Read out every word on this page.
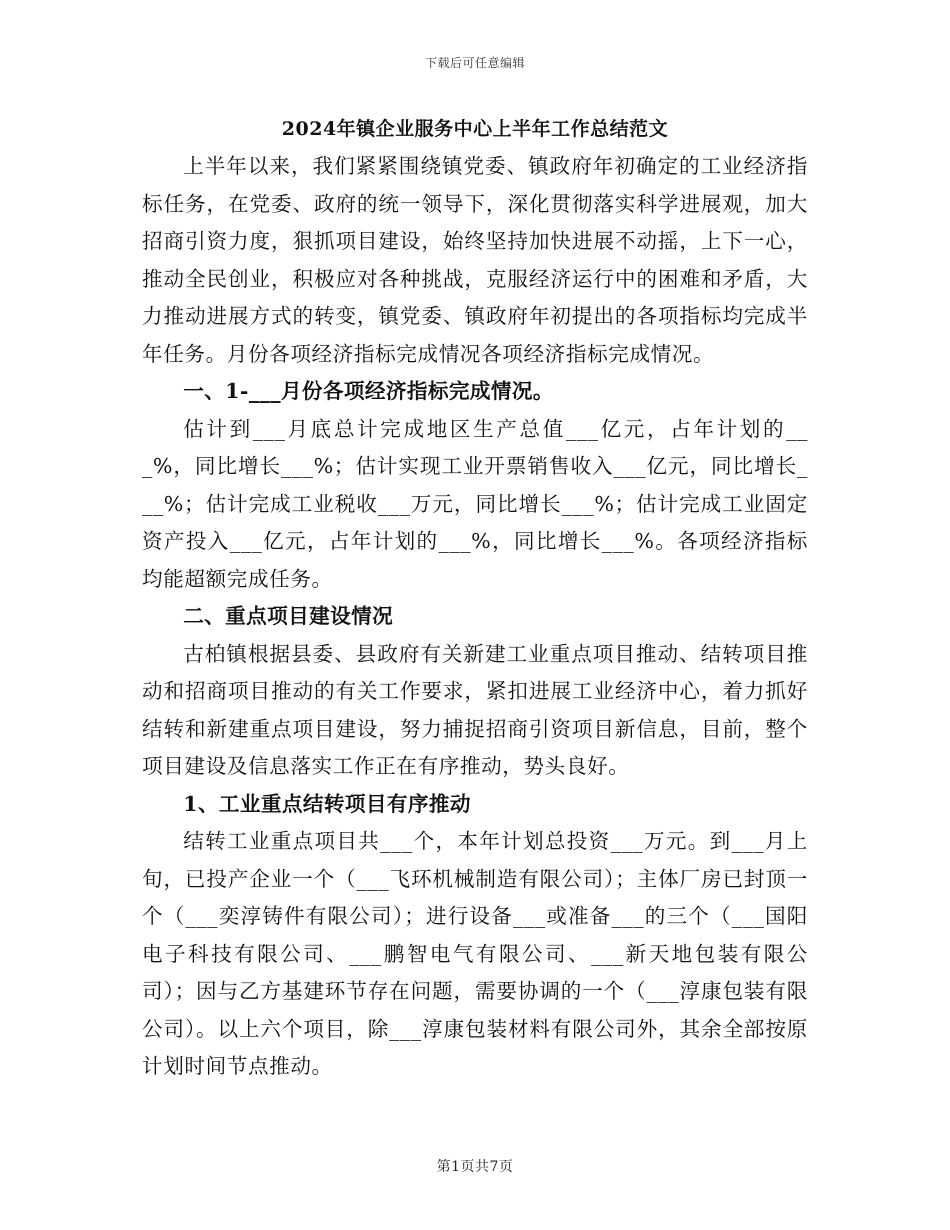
下载后可任意编辑
2024年镇企业服务中心上半年工作总结范文

上半年以来，我们紧紧围绕镇党委、镇政府年初确定的工业经济指标任务，在党委、政府的统一领导下，深化贯彻落实科学进展观，加大招商引资力度，狠抓项目建设，始终坚持加快进展不动摇，上下一心，推动全民创业，积极应对各种挑战，克服经济运行中的困难和矛盾，大力推动进展方式的转变，镇党委、镇政府年初提出的各项指标均完成半年任务。月份各项经济指标完成情况各项经济指标完成情况。

一、1-___月份各项经济指标完成情况。

估计到___月底总计完成地区生产总值___亿元，占年计划的___%，同比增长___%；估计实现工业开票销售收入___亿元，同比增长___%；估计完成工业税收___万元，同比增长___%；估计完成工业固定资产投入___亿元，占年计划的___%，同比增长___%。各项经济指标均能超额完成任务。

二、重点项目建设情况

古柏镇根据县委、县政府有关新建工业重点项目推动、结转项目推动和招商项目推动的有关工作要求，紧扣进展工业经济中心，着力抓好结转和新建重点项目建设，努力捕捉招商引资项目新信息，目前，整个项目建设及信息落实工作正在有序推动，势头良好。

1、工业重点结转项目有序推动

结转工业重点项目共___个，本年计划总投资___万元。到___月上旬，已投产企业一个（___飞环机械制造有限公司）；主体厂房已封顶一个（___奕淳铸件有限公司）；进行设备___或准备___的三个（___国阳电子科技有限公司、___鹏智电气有限公司、___新天地包装有限公司）；因与乙方基建环节存在问题，需要协调的一个（___淳康包装有限公司）。以上六个项目，除___淳康包装材料有限公司外，其余全部按原计划时间节点推动。

第1页共7页
